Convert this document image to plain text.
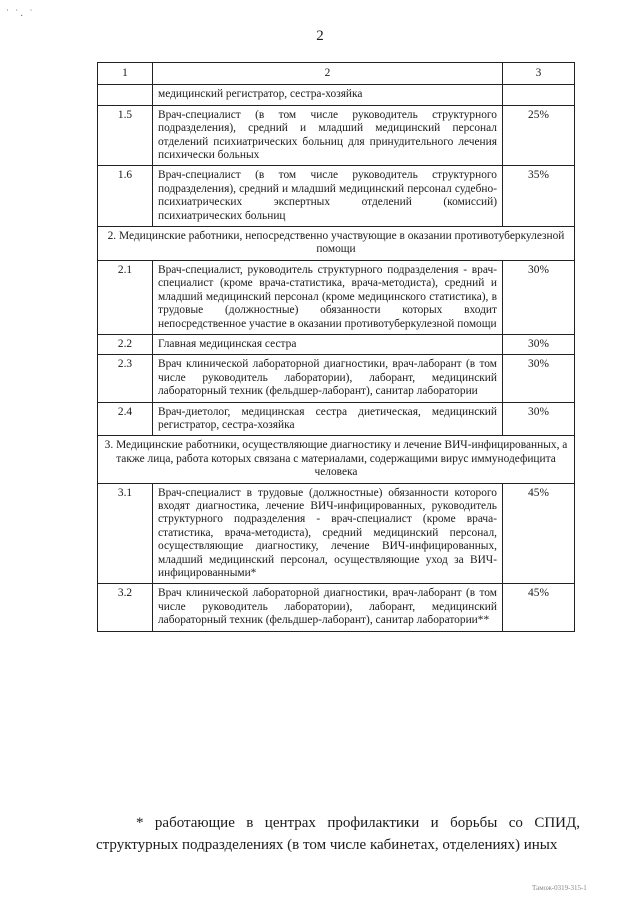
˙ ˙․ ˙
2
1	2	3
	медицинский регистратор, сестра-хозяйка	
1.5	Врач-специалист (в том числе руководитель структурного подразделения), средний и младший медицинский персонал отделений психиатрических больниц для принудительного лечения психически больных	25%
1.6	Врач-специалист (в том числе руководитель структурного подразделения), средний и младший медицинский персонал судебно-психиатрических экспертных отделений (комиссий) психиатрических больниц	35%
2. Медицинские работники, непосредственно участвующие в оказании противотуберкулезной помощи		
2.1	Врач-специалист, руководитель структурного подразделения - врач-специалист (кроме врача-статистика, врача-методиста), средний и младший медицинский персонал (кроме медицинского статистика), в трудовые (должностные) обязанности которых входит непосредственное участие в оказании противотуберкулезной помощи	30%
2.2	Главная медицинская сестра	30%
2.3	Врач клинической лабораторной диагностики, врач-лаборант (в том числе руководитель лаборатории), лаборант, медицинский лабораторный техник (фельдшер-лаборант), санитар лаборатории	30%
2.4	Врач-диетолог, медицинская сестра диетическая, медицинский регистратор, сестра-хозяйка	30%
3. Медицинские работники, осуществляющие диагностику и лечение ВИЧ-инфицированных, а также лица, работа которых связана с материалами, содержащими вирус иммунодефицита человека		
3.1	Врач-специалист в трудовые (должностные) обязанности которого входят диагностика, лечение ВИЧ-инфицированных, руководитель структурного подразделения - врач-специалист (кроме врача-статистика, врача-методиста), средний медицинский персонал, осуществляющие диагностику, лечение ВИЧ-инфицированных, младший медицинский персонал, осуществляющие уход за ВИЧ-инфицированными*	45%
3.2	Врач клинической лабораторной диагностики, врач-лаборант (в том числе руководитель лаборатории), лаборант, медицинский лабораторный техник (фельдшер-лаборант), санитар лаборатории**	45%
* работающие в центрах профилактики и борьбы со СПИД, структурных подразделениях (в том числе кабинетах, отделениях) иных
Тамож-0319-315-1
